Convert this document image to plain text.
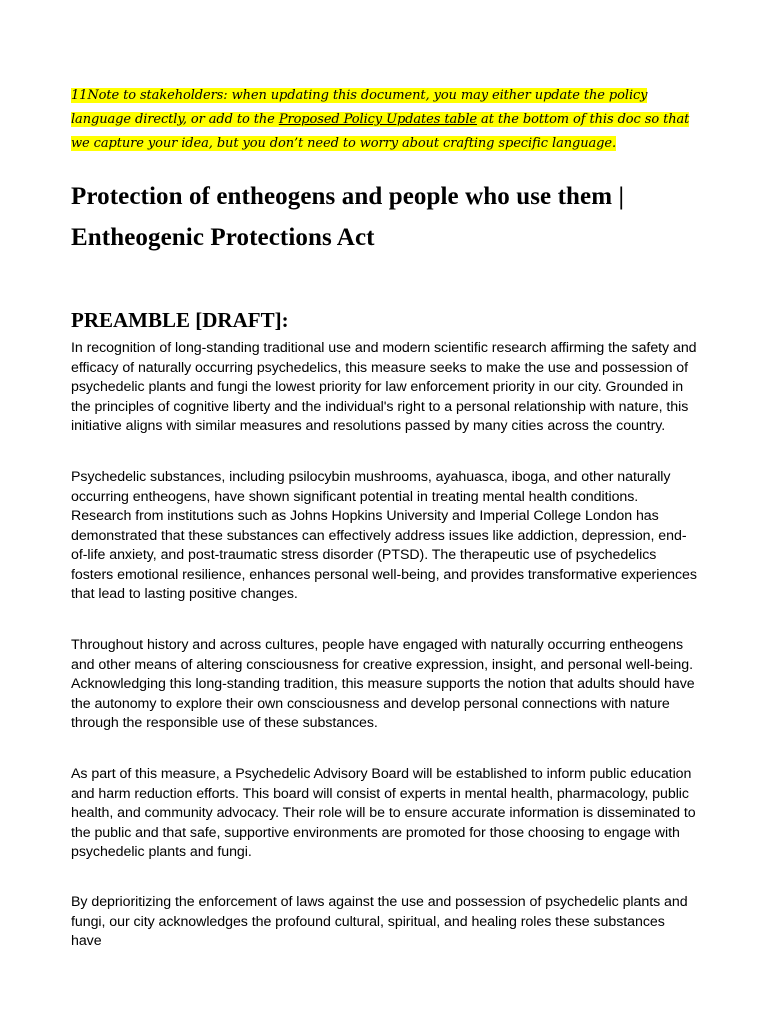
11Note to stakeholders: when updating this document, you may either update the policy language directly, or add to the Proposed Policy Updates table at the bottom of this doc so that we capture your idea, but you don’t need to worry about crafting specific language.

Protection of entheogens and people who use them | Entheogenic Protections Act
PREAMBLE [DRAFT]:

In recognition of long-standing traditional use and modern scientific research affirming the safety and efficacy of naturally occurring psychedelics, this measure seeks to make the use and possession of psychedelic plants and fungi the lowest priority for law enforcement priority in our city. Grounded in the principles of cognitive liberty and the individual's right to a personal relationship with nature, this initiative aligns with similar measures and resolutions passed by many cities across the country.

Psychedelic substances, including psilocybin mushrooms, ayahuasca, iboga, and other naturally occurring entheogens, have shown significant potential in treating mental health conditions. Research from institutions such as Johns Hopkins University and Imperial College London has demonstrated that these substances can effectively address issues like addiction, depression, end-of-life anxiety, and post-traumatic stress disorder (PTSD). The therapeutic use of psychedelics fosters emotional resilience, enhances personal well-being, and provides transformative experiences that lead to lasting positive changes.

Throughout history and across cultures, people have engaged with naturally occurring entheogens and other means of altering consciousness for creative expression, insight, and personal well-being. Acknowledging this long-standing tradition, this measure supports the notion that adults should have the autonomy to explore their own consciousness and develop personal connections with nature through the responsible use of these substances.

As part of this measure, a Psychedelic Advisory Board will be established to inform public education and harm reduction efforts. This board will consist of experts in mental health, pharmacology, public health, and community advocacy. Their role will be to ensure accurate information is disseminated to the public and that safe, supportive environments are promoted for those choosing to engage with psychedelic plants and fungi.

By deprioritizing the enforcement of laws against the use and possession of psychedelic plants and fungi, our city acknowledges the profound cultural, spiritual, and healing roles these substances have
